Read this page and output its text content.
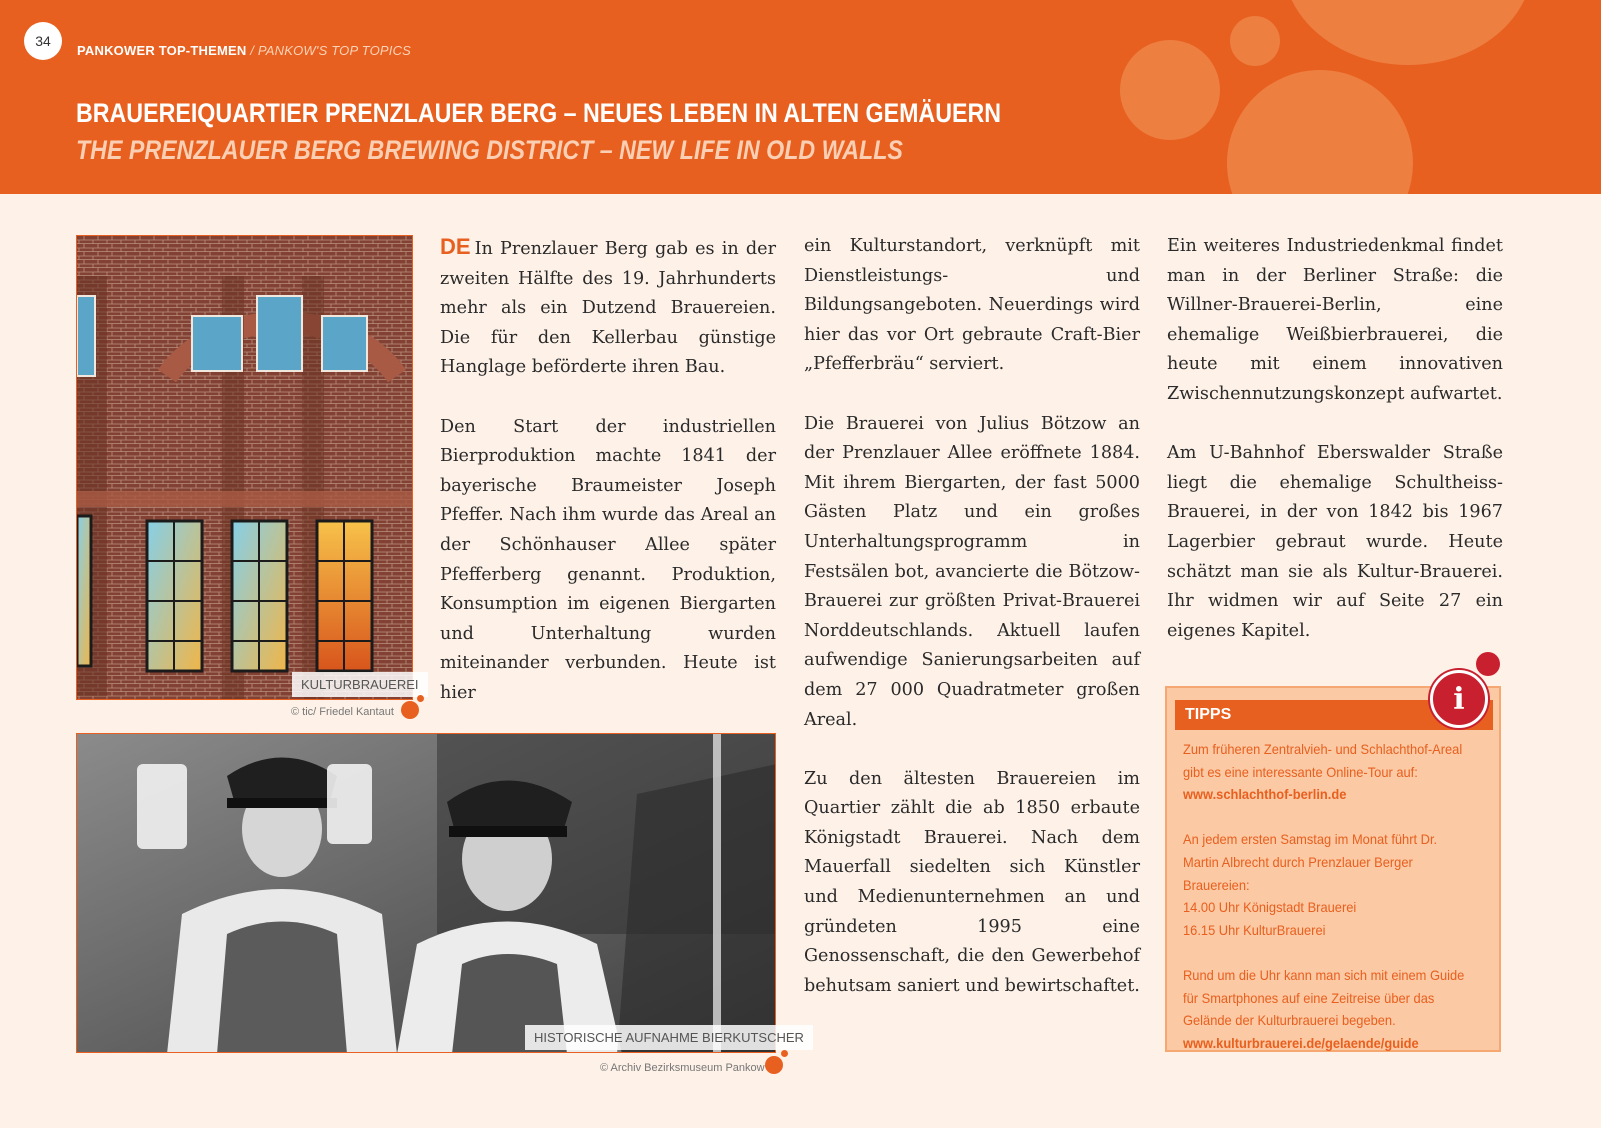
34
PANKOWER TOP-THEMEN / PANKOW'S TOP TOPICS
BRAUEREIQUARTIER PRENZLAUER BERG – NEUES LEBEN IN ALTEN GEMÄUERN
THE PRENZLAUER BERG BREWING DISTRICT – NEW LIFE IN OLD WALLS
KULTURBRAUEREI
© tic/ Friedel Kantaut
HISTORISCHE AUFNAHME BIERKUTSCHER
© Archiv Bezirksmuseum Pankow

DE In Prenzlauer Berg gab es in der zweiten Hälfte des 19. Jahrhunderts mehr als ein Dutzend Brauereien. Die für den Kellerbau günstige Hanglage beförderte ihren Bau.

Den Start der industriellen Bierproduktion machte 1841 der bayerische Braumeister Joseph Pfeffer. Nach ihm wurde das Areal an der Schönhauser Allee später Pfefferberg genannt. Produktion, Konsumption im eigenen Biergarten und Unterhaltung wurden miteinander verbunden. Heute ist hier

ein Kulturstandort, verknüpft mit Dienstleistungs- und Bildungsangeboten. Neuerdings wird hier das vor Ort gebraute Craft-Bier „Pfefferbräu“ serviert.

Die Brauerei von Julius Bötzow an der Prenzlauer Allee eröffnete 1884. Mit ihrem Biergarten, der fast 5000 Gästen Platz und ein großes Unterhaltungsprogramm in Festsälen bot, avancierte die Bötzow-Brauerei zur größten Privat-Brauerei Norddeutschlands. Aktuell laufen aufwendige Sanierungsarbeiten auf dem 27 000 Quadratmeter großen Areal.

Zu den ältesten Brauereien im Quartier zählt die ab 1850 erbaute Königstadt Brauerei. Nach dem Mauerfall siedelten sich Künstler und Medienunternehmen an und gründeten 1995 eine Genossenschaft, die den Gewerbehof behutsam saniert und bewirtschaftet.

Ein weiteres Industriedenkmal findet man in der Berliner Straße: die Willner-Brauerei-Berlin, eine ehemalige Weißbierbrauerei, die heute mit einem innovativen Zwischennutzungskonzept aufwartet.

Am U-Bahnhof Eberswalder Straße liegt die ehemalige Schultheiss-Brauerei, in der von 1842 bis 1967 Lagerbier gebraut wurde. Heute schätzt man sie als Kultur-Brauerei. Ihr widmen wir auf Seite 27 ein eigenes Kapitel.

TIPPS

Zum früheren Zentralvieh- und Schlachthof-Areal gibt es eine interessante Online-Tour auf:
www.schlachthof-berlin.de

An jedem ersten Samstag im Monat führt Dr. Martin Albrecht durch Prenzlauer Berger Brauereien:
14.00 Uhr Königstadt Brauerei
16.15 Uhr KulturBrauerei

Rund um die Uhr kann man sich mit einem Guide für Smartphones auf eine Zeitreise über das Gelände der Kulturbrauerei begeben.
www.kulturbrauerei.de/gelaende/guide

i
